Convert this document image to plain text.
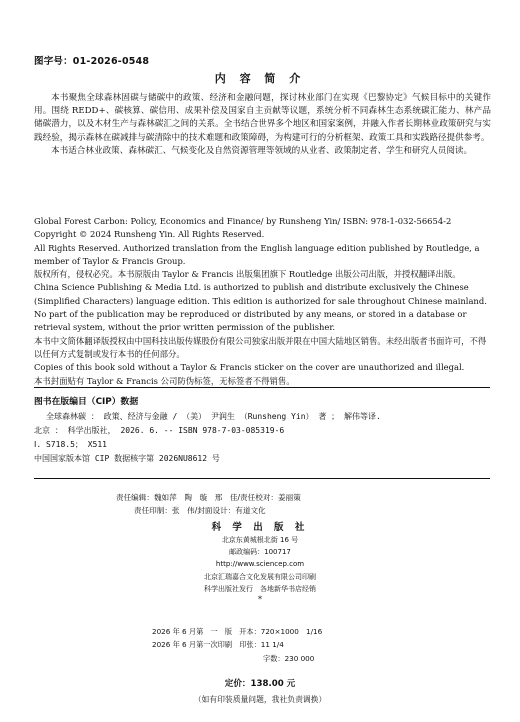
图字号：01-2026-0548
内 容 简 介

本书聚焦全球森林固碳与储碳中的政策、经济和金融问题，探讨林业部门在实现《巴黎协定》气候目标中的关键作用。围绕 REDD+、碳核算、碳信用、成果补偿及国家自主贡献等议题，系统分析不同森林生态系统碳汇能力、林产品储碳潜力，以及木材生产与森林碳汇之间的关系。全书结合世界多个地区和国家案例，并融入作者长期林业政策研究与实践经验，揭示森林在碳减排与碳清除中的技术难题和政策障碍，为构建可行的分析框架、政策工具和实践路径提供参考。

本书适合林业政策、森林碳汇、气候变化及自然资源管理等领域的从业者、政策制定者、学生和研究人员阅读。

Global Forest Carbon: Policy, Economics and Finance/ by Runsheng Yin/ ISBN: 978-1-032-56654-2

Copyright © 2024 Runsheng Yin. All Rights Reserved.

All Rights Reserved. Authorized translation from the English language edition published by Routledge, a member of Taylor & Francis Group.

版权所有，侵权必究。本书原版由 Taylor & Francis 出版集团旗下 Routledge 出版公司出版，并授权翻译出版。

China Science Publishing & Media Ltd. is authorized to publish and distribute exclusively the Chinese (Simplified Characters) language edition. This edition is authorized for sale throughout Chinese mainland. No part of the publication may be reproduced or distributed by any means, or stored in a database or retrieval system, without the prior written permission of the publisher.

本书中文简体翻译版授权由中国科技出版传媒股份有限公司独家出版并限在中国大陆地区销售。未经出版者书面许可，不得以任何方式复制或发行本书的任何部分。

Copies of this book sold without a Taylor & Francis sticker on the cover are unauthorized and illegal.

本书封面贴有 Taylor & Francis 公司防伪标签，无标签者不得销售。

图书在版编目（CIP）数据

全球森林碳 ： 政策、经济与金融 / （美） 尹润生 （Runsheng Yin） 著 ； 解伟等译.

北京 ： 科学出版社， 2026. 6. -- ISBN 978-7-03-085319-6

Ⅰ. S718.5； X511

中国国家版本馆 CIP 数据核字第 2026NU8612 号

责任编辑：魏如萍　陶　璇　邢　佳/责任校对：姜丽策
责任印制：张　伟/封面设计：有道文化
科 学 出 版 社
北京东黄城根北街 16 号
邮政编码：100717
http://www.sciencep.com
北京汇瑞嘉合文化发展有限公司印刷
科学出版社发行　各地新华书店经销
*
2026 年 6 月第　一　版　开本：720×1000　1/16
2026 年 6 月第一次印刷　印张：11 1/4
字数：230 000
定价：138.00 元
（如有印装质量问题，我社负责调换）
